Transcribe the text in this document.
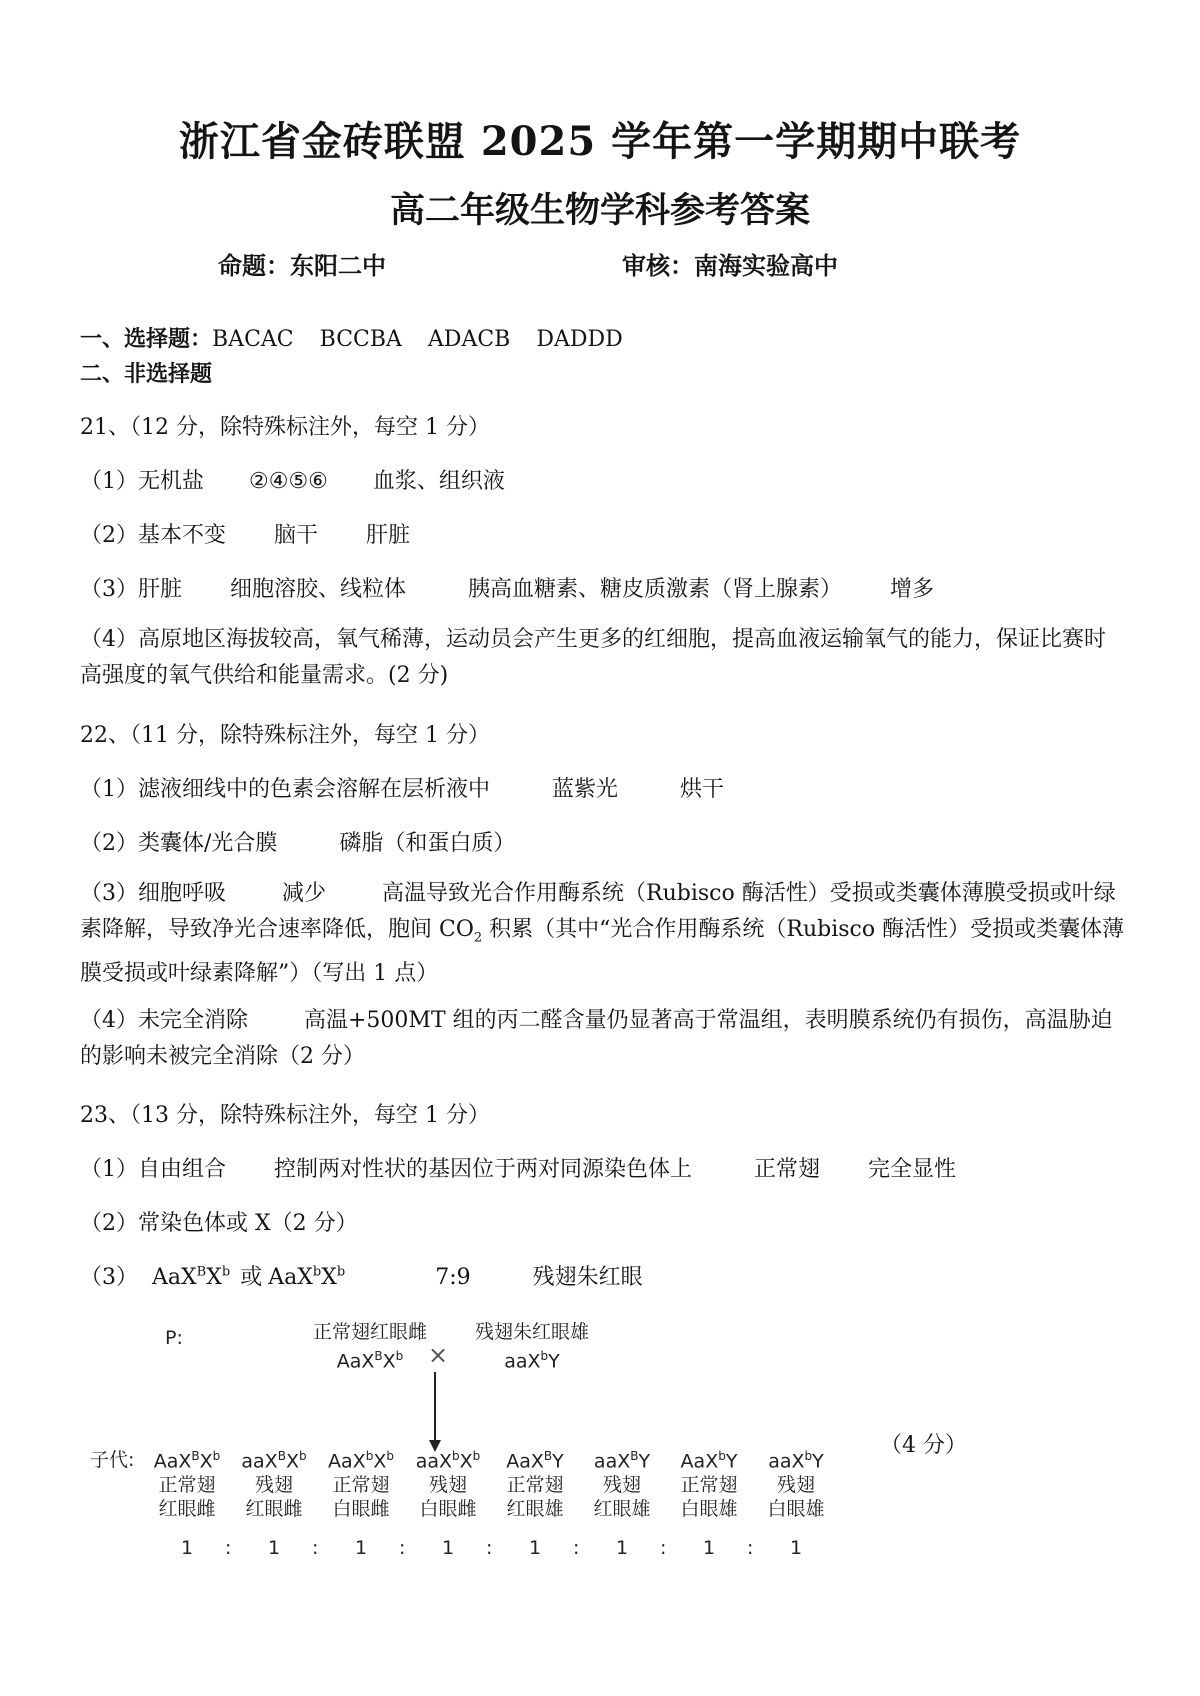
浙江省金砖联盟 2025 学年第一学期期中联考
高二年级生物学科参考答案
命题：东阳二中	审核：南海实验高中
一、选择题：BACAC BCCBA ADACB DADDD
二、非选择题
21、（12 分，除特殊标注外，每空 1 分）
（1）无机盐 ②④⑤⑥ 血浆、组织液
（2）基本不变 脑干 肝脏
（3）肝脏 细胞溶胶、线粒体	胰高血糖素、糖皮质激素（肾上腺素） 增多
（4）高原地区海拔较高，氧气稀薄，运动员会产生更多的红细胞，提高血液运输氧气的能力，保证比赛时高强度的氧气供给和能量需求。(2 分)
22、（11 分，除特殊标注外，每空 1 分）
（1）滤液细线中的色素会溶解在层析液中	蓝紫光	烘干
（2）类囊体/光合膜	磷脂（和蛋白质）
（3）细胞呼吸	减少	高温导致光合作用酶系统（Rubisco 酶活性）受损或类囊体薄膜受损或叶绿素降解，导致净光合速率降低，胞间 $CO_2$ 积累（其中“光合作用酶系统（Rubisco 酶活性）受损或类囊体薄膜受损或叶绿素降解”）（写出 1 点）
（4）未完全消除	高温+500MT 组的丙二醛含量仍显著高于常温组，表明膜系统仍有损伤，高温胁迫的影响未被完全消除（2 分）
23、（13 分，除特殊标注外，每空 1 分）
（1）自由组合 控制两对性状的基因位于两对同源染色体上	正常翅 完全显性
（2）常染色体或 X（2 分）
（3） $AaX^BX^b$ 或 $AaX^bX^b$	7:9	残翅朱红眼
P:	正常翅红眼雌
$AaX^BX^b$	×
残翅朱红眼雄
aaX$^b$Y
子代:
（4 分）
$AaX^BX^b$
正常翅
红眼雌
$aaX^BX^b$
残翅
红眼雌
$AaX^bX^b$
正常翅
白眼雌
$aaX^bX^b$
残翅
白眼雌
AaX$^B$Y
正常翅
红眼雄
aaX$^B$Y
残翅
红眼雄
AaX$^b$Y
正常翅
白眼雄
aaX$^b$Y
残翅
白眼雄
1 : 1 : 1 : 1 : 1 : 1 : 1 : 1
